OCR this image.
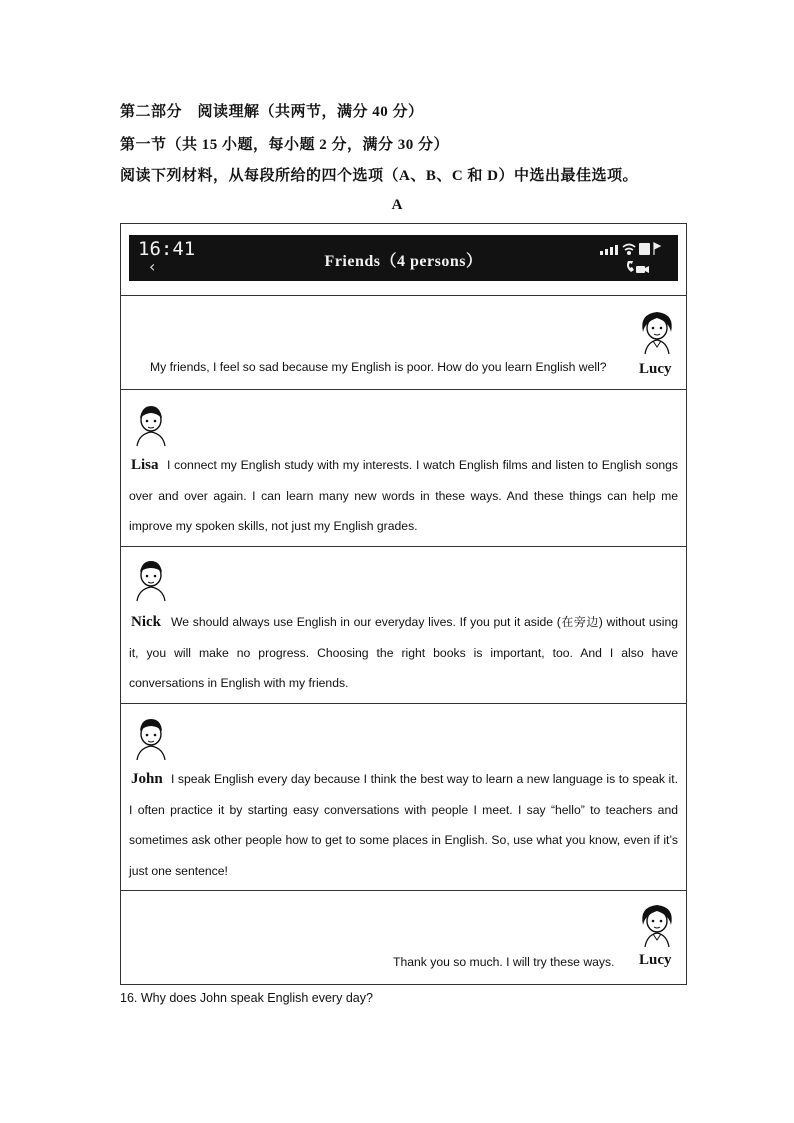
第二部分　阅读理解（共两节，满分 40 分）
第一节（共 15 小题，每小题 2 分，满分 30 分）
阅读下列材料，从每段所给的四个选项（A、B、C 和 D）中选出最佳选项。
A
16:41
‹	Friends（4 persons）
Lucy
My friends, I feel so sad because my English is poor. How do you learn English well?
Lisa I connect my English study with my interests. I watch English films and listen to English songs over and over again. I can learn many new words in these ways. And these things can help me improve my spoken skills, not just my English grades.
Nick We should always use English in our everyday lives. If you put it aside (在旁边) without using it, you will make no progress. Choosing the right books is important, too. And I also have conversations in English with my friends.
John I speak English every day because I think the best way to learn a new language is to speak it. I often practice it by starting easy conversations with people I meet. I say “hello” to teachers and sometimes ask other people how to get to some places in English. So, use what you know, even if it’s just one sentence!
Lucy
Thank you so much. I will try these ways.
16. Why does John speak English every day?
